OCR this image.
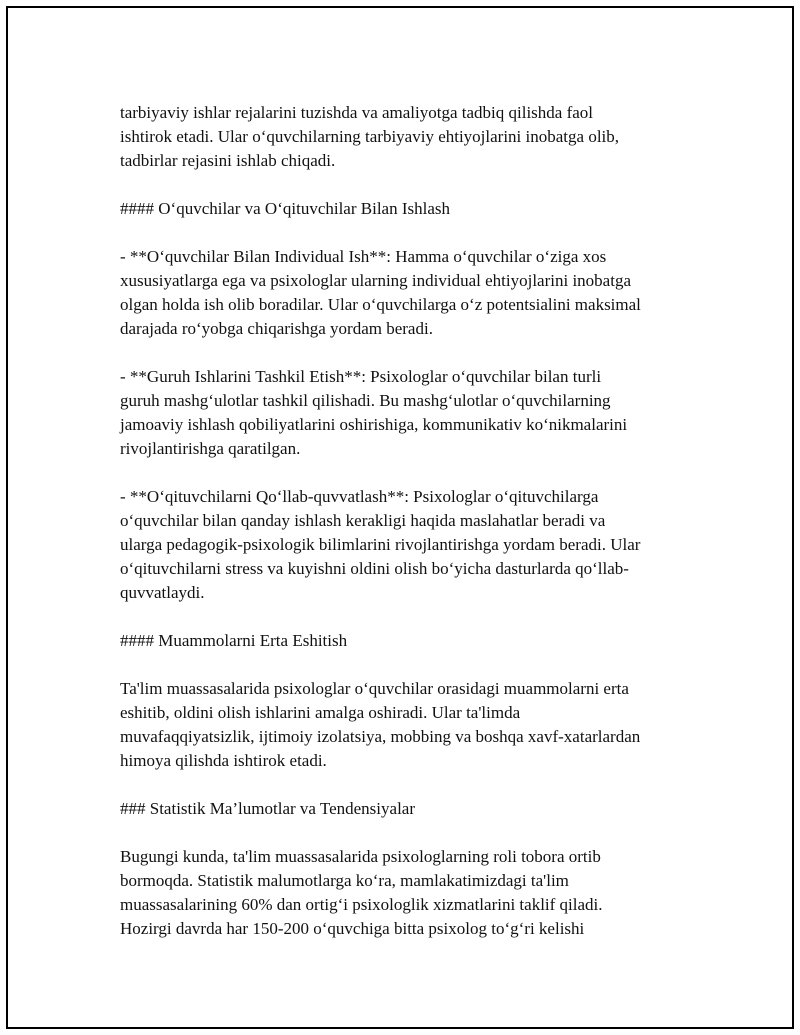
tarbiyaviy ishlar rejalarini tuzishda va amaliyotga tadbiq qilishda faol
ishtirok etadi. Ular o‘quvchilarning tarbiyaviy ehtiyojlarini inobatga olib,
tadbirlar rejasini ishlab chiqadi.

#### O‘quvchilar va O‘qituvchilar Bilan Ishlash

- **O‘quvchilar Bilan Individual Ish**: Hamma o‘quvchilar o‘ziga xos
xususiyatlarga ega va psixologlar ularning individual ehtiyojlarini inobatga
olgan holda ish olib boradilar. Ular o‘quvchilarga o‘z potentsialini maksimal
darajada ro‘yobga chiqarishga yordam beradi.

- **Guruh Ishlarini Tashkil Etish**: Psixologlar o‘quvchilar bilan turli
guruh mashg‘ulotlar tashkil qilishadi. Bu mashg‘ulotlar o‘quvchilarning
jamoaviy ishlash qobiliyatlarini oshirishiga, kommunikativ ko‘nikmalarini
rivojlantirishga qaratilgan.

- **O‘qituvchilarni Qo‘llab-quvvatlash**: Psixologlar o‘qituvchilarga
o‘quvchilar bilan qanday ishlash kerakligi haqida maslahatlar beradi va
ularga pedagogik-psixologik bilimlarini rivojlantirishga yordam beradi. Ular
o‘qituvchilarni stress va kuyishni oldini olish bo‘yicha dasturlarda qo‘llab-
quvvatlaydi.

#### Muammolarni Erta Eshitish

Ta'lim muassasalarida psixologlar o‘quvchilar orasidagi muammolarni erta
eshitib, oldini olish ishlarini amalga oshiradi. Ular ta'limda
muvafaqqiyatsizlik, ijtimoiy izolatsiya, mobbing va boshqa xavf-xatarlardan
himoya qilishda ishtirok etadi.

### Statistik Ma’lumotlar va Tendensiyalar

Bugungi kunda, ta'lim muassasalarida psixologlarning roli tobora ortib
bormoqda. Statistik malumotlarga ko‘ra, mamlakatimizdagi ta'lim
muassasalarining 60% dan ortig‘i psixologlik xizmatlarini taklif qiladi.
Hozirgi davrda har 150-200 o‘quvchiga bitta psixolog to‘g‘ri kelishi
